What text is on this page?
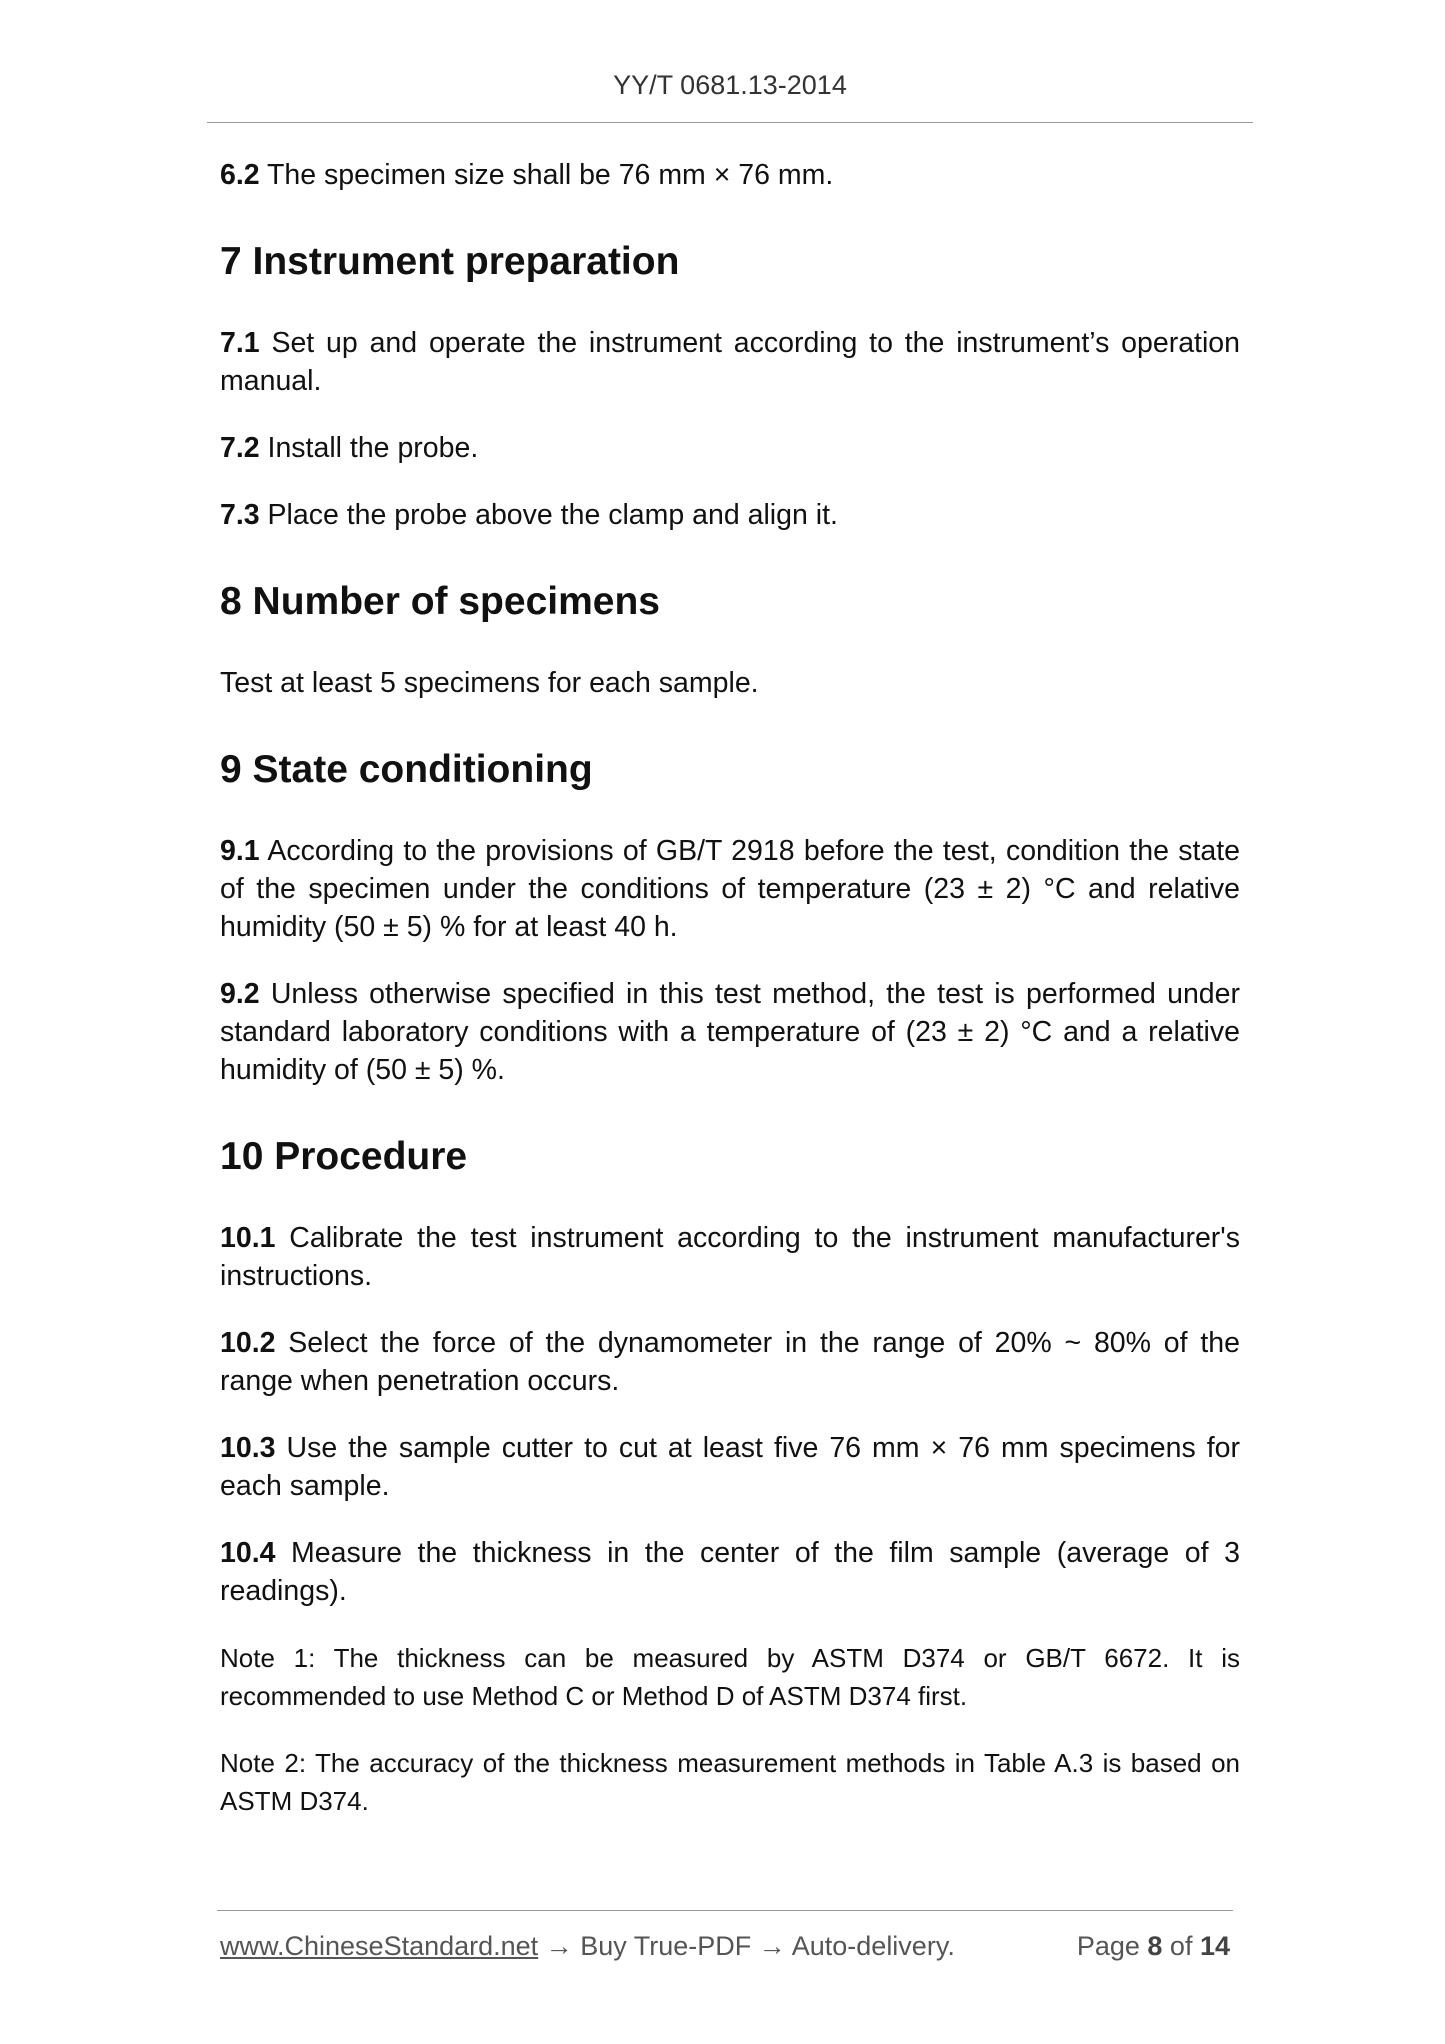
YY/T 0681.13-2014

6.2 The specimen size shall be 76 mm × 76 mm.

7 Instrument preparation

7.1 Set up and operate the instrument according to the instrument’s operation manual.

7.2 Install the probe.

7.3 Place the probe above the clamp and align it.

8 Number of specimens

Test at least 5 specimens for each sample.

9 State conditioning

9.1 According to the provisions of GB/T 2918 before the test, condition the state of the specimen under the conditions of temperature (23 ± 2) °C and relative humidity (50 ± 5) % for at least 40 h.

9.2 Unless otherwise specified in this test method, the test is performed under standard laboratory conditions with a temperature of (23 ± 2) °C and a relative humidity of (50 ± 5) %.

10 Procedure

10.1 Calibrate the test instrument according to the instrument manufacturer's instructions.

10.2 Select the force of the dynamometer in the range of 20% ~ 80% of the range when penetration occurs.

10.3 Use the sample cutter to cut at least five 76 mm × 76 mm specimens for each sample.

10.4 Measure the thickness in the center of the film sample (average of 3 readings).

Note 1: The thickness can be measured by ASTM D374 or GB/T 6672. It is recommended to use Method C or Method D of ASTM D374 first.

Note 2: The accuracy of the thickness measurement methods in Table A.3 is based on ASTM D374.

www.ChineseStandard.net → Buy True-PDF → Auto-delivery.	Page 8 of 14
